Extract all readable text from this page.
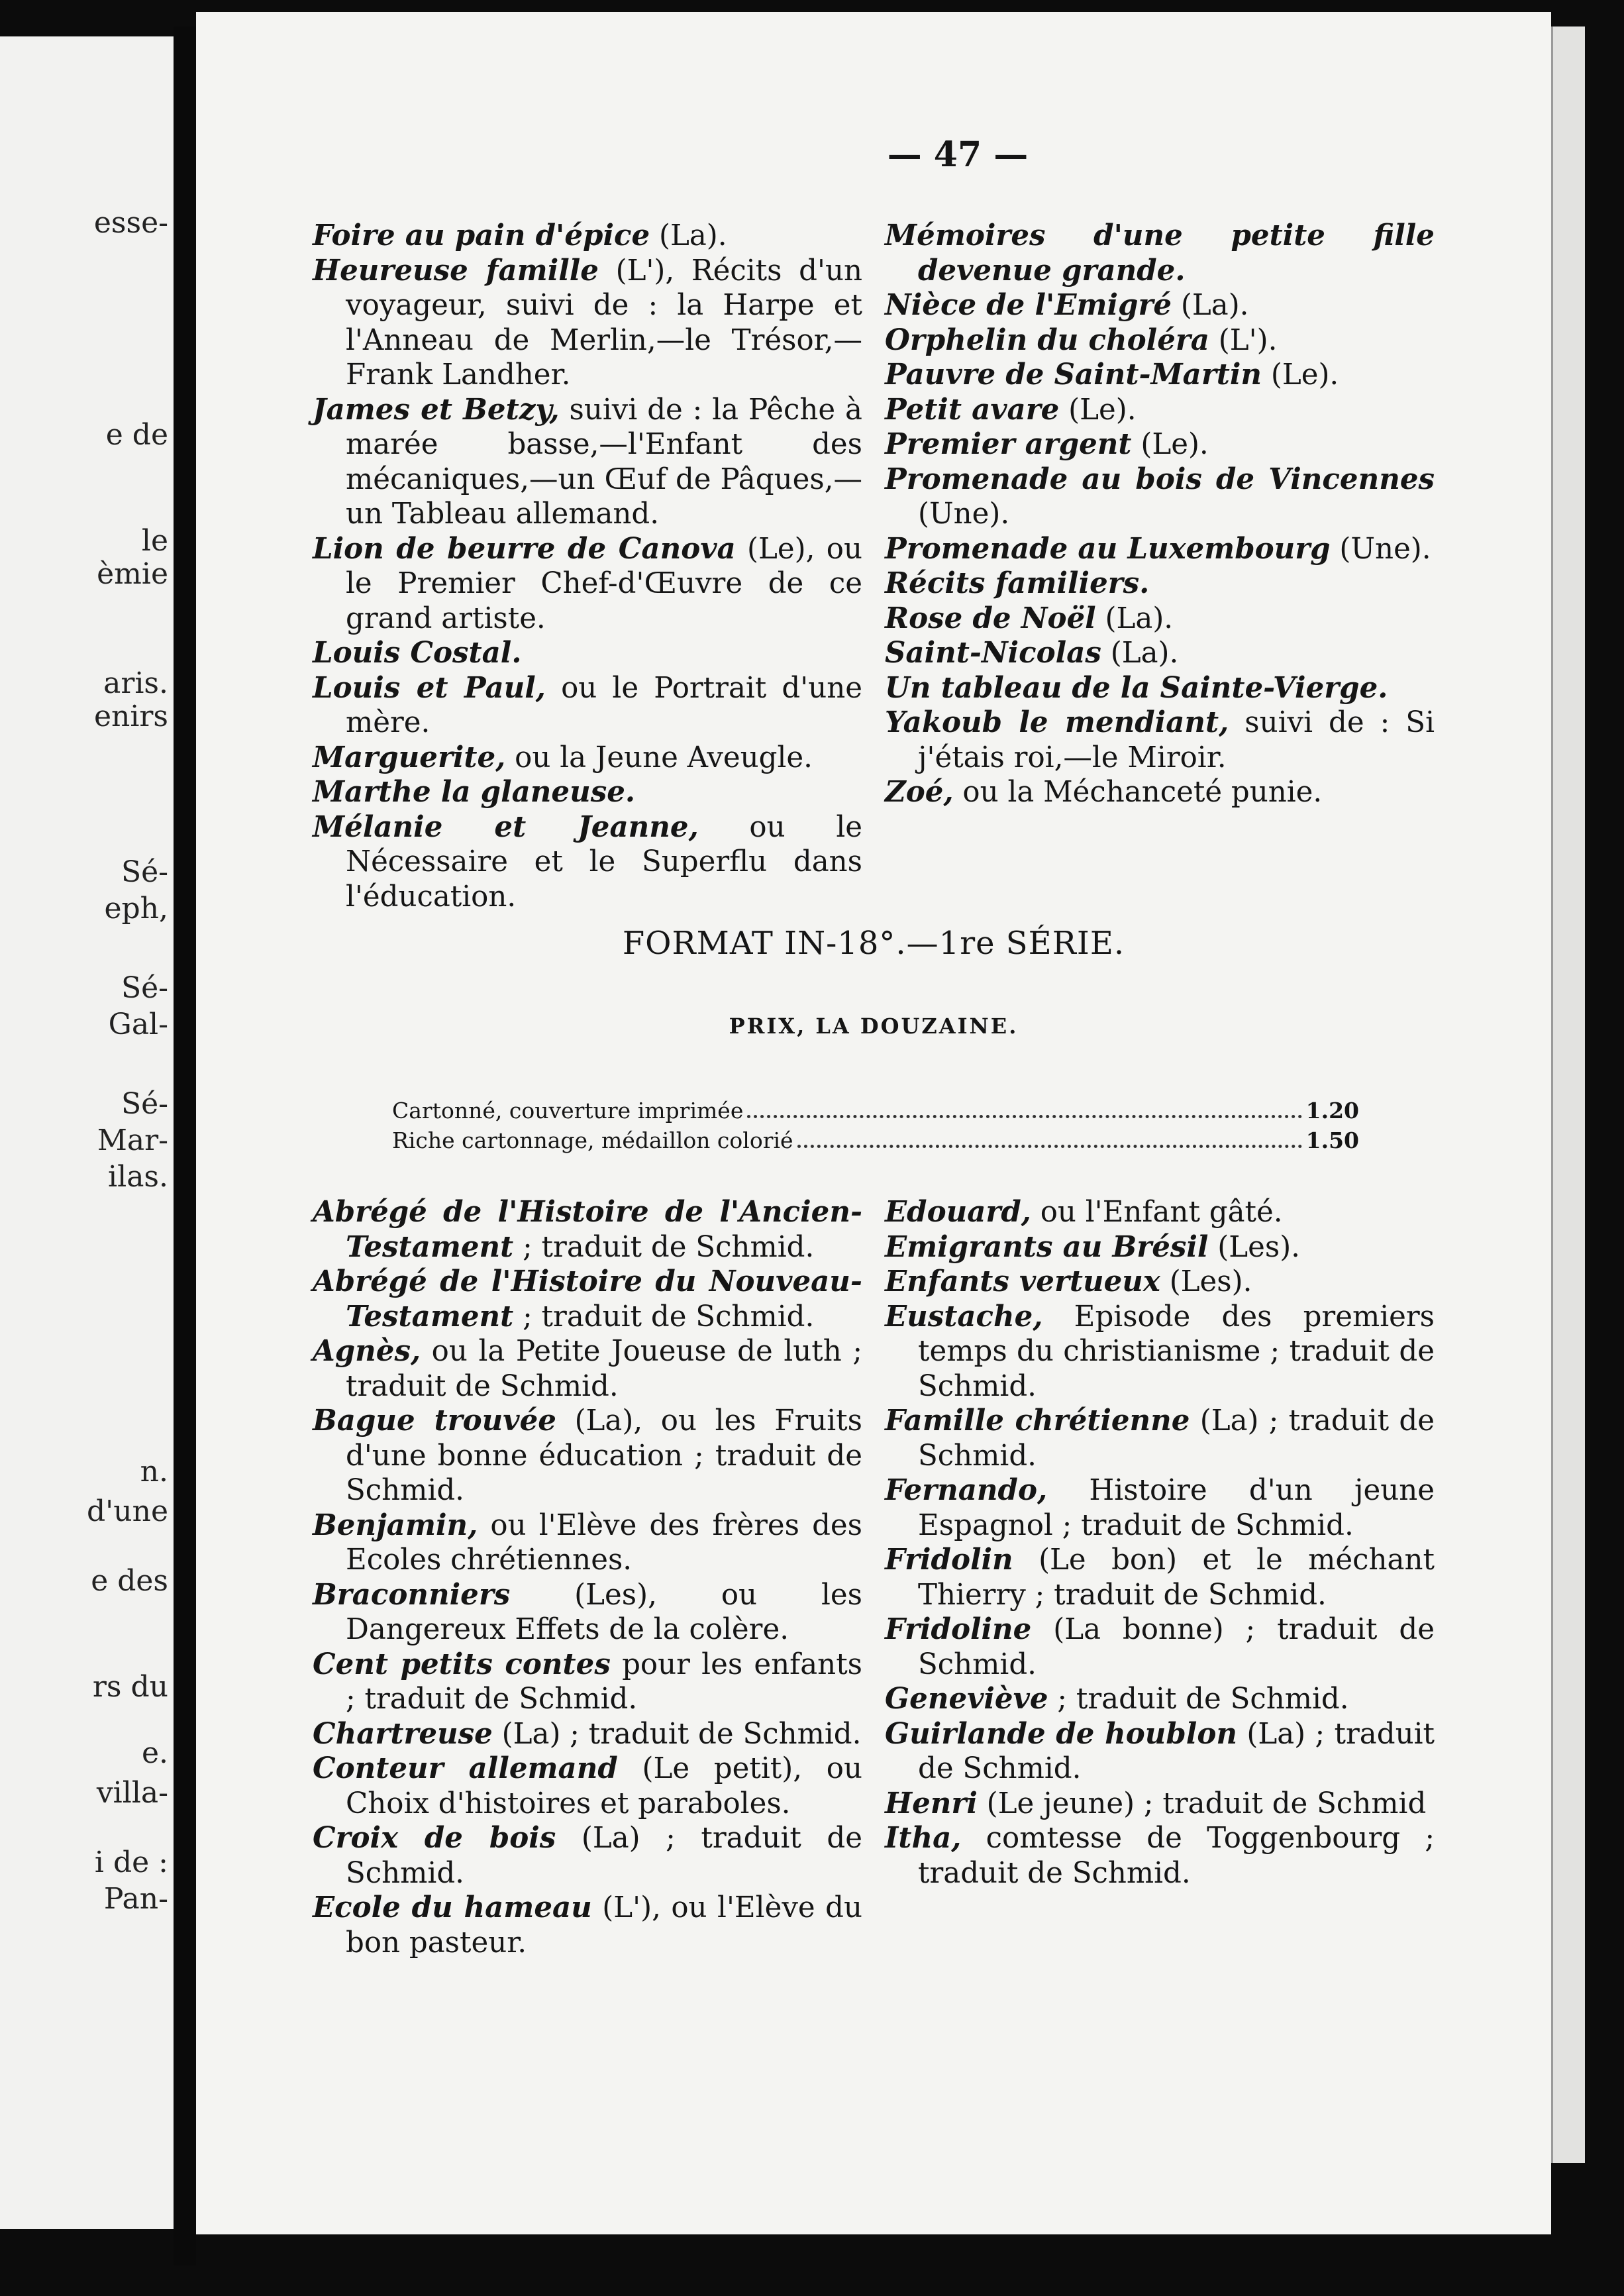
esse-
e de
le
èmie
aris.
enirs
Sé-
eph,
Sé-
Gal-
Sé-
Mar-
ilas.
n.
d'une
e des
rs du
e.
villa-
i de :
Pan-
— 47 —
Foire au pain d'épice (La).
Heureuse famille (L'), Récits d'un voyageur, suivi de : la Harpe et l'Anneau de Merlin,—le Trésor,—Frank Landher.
James et Betzy, suivi de : la Pêche à marée basse,—l'Enfant des mécaniques,—un Œuf de Pâques,—un Tableau allemand.
Lion de beurre de Canova (Le), ou le Premier Chef-d'Œuvre de ce grand artiste.
Louis Costal.
Louis et Paul, ou le Portrait d'une mère.
Marguerite, ou la Jeune Aveugle.
Marthe la glaneuse.
Mélanie et Jeanne, ou le Nécessaire et le Superflu dans l'éducation.
Mémoires d'une petite fille devenue grande.
Nièce de l'Emigré (La).
Orphelin du choléra (L').
Pauvre de Saint-Martin (Le).
Petit avare (Le).
Premier argent (Le).
Promenade au bois de Vincennes (Une).
Promenade au Luxembourg (Une).
Récits familiers.
Rose de Noël (La).
Saint-Nicolas (La).
Un tableau de la Sainte-Vierge.
Yakoub le mendiant, suivi de : Si j'étais roi,—le Miroir.
Zoé, ou la Méchanceté punie.
FORMAT IN-18°.—1re SÉRIE.
PRIX, LA DOUZAINE.
Cartonné, couverture imprimée	1.20
Riche cartonnage, médaillon colorié	1.50
Abrégé de l'Histoire de l'Ancien-Testament ; traduit de Schmid.
Abrégé de l'Histoire du Nouveau-Testament ; traduit de Schmid.
Agnès, ou la Petite Joueuse de luth ; traduit de Schmid.
Bague trouvée (La), ou les Fruits d'une bonne éducation ; traduit de Schmid.
Benjamin, ou l'Elève des frères des Ecoles chrétiennes.
Braconniers (Les), ou les Dangereux Effets de la colère.
Cent petits contes pour les enfants ; traduit de Schmid.
Chartreuse (La) ; traduit de Schmid.
Conteur allemand (Le petit), ou Choix d'histoires et paraboles.
Croix de bois (La) ; traduit de Schmid.
Ecole du hameau (L'), ou l'Elève du bon pasteur.
Edouard, ou l'Enfant gâté.
Emigrants au Brésil (Les).
Enfants vertueux (Les).
Eustache, Episode des premiers temps du christianisme ; traduit de Schmid.
Famille chrétienne (La) ; traduit de Schmid.
Fernando, Histoire d'un jeune Espagnol ; traduit de Schmid.
Fridolin (Le bon) et le méchant Thierry ; traduit de Schmid.
Fridoline (La bonne) ; traduit de Schmid.
Geneviève ; traduit de Schmid.
Guirlande de houblon (La) ; traduit de Schmid.
Henri (Le jeune) ; traduit de Schmid
Itha, comtesse de Toggenbourg ; traduit de Schmid.
